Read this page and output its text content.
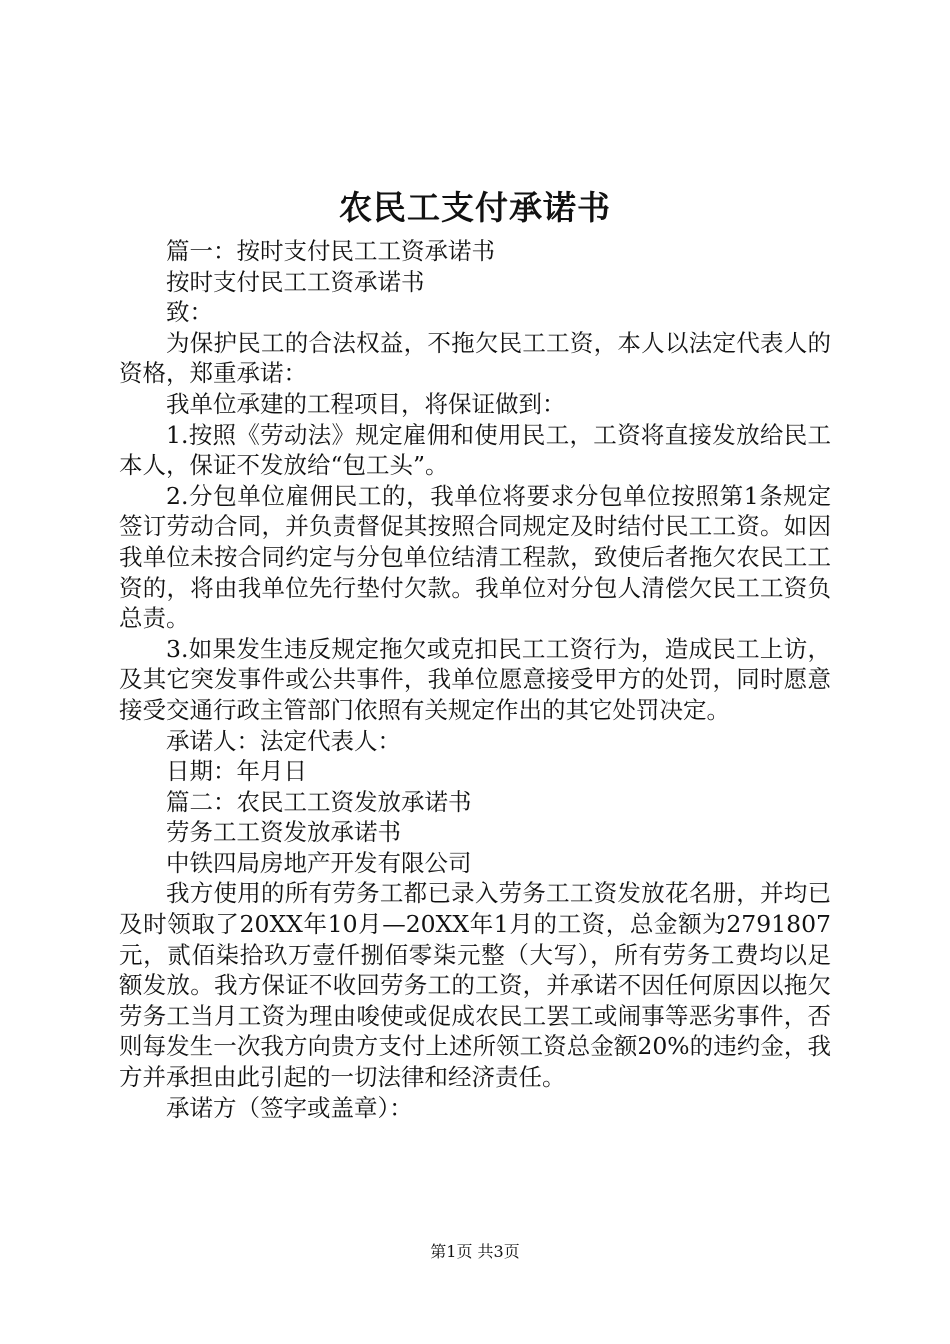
农民工支付承诺书

篇一：按时支付民工工资承诺书

按时支付民工工资承诺书

致：

为保护民工的合法权益，不拖欠民工工资，本人以法定代表人的资格，郑重承诺：

我单位承建的工程项目，将保证做到：

1.按照《劳动法》规定雇佣和使用民工，工资将直接发放给民工本人，保证不发放给“包工头”。

2.分包单位雇佣民工的，我单位将要求分包单位按照第1条规定签订劳动合同，并负责督促其按照合同规定及时结付民工工资。如因我单位未按合同约定与分包单位结清工程款，致使后者拖欠农民工工资的，将由我单位先行垫付欠款。我单位对分包人清偿欠民工工资负总责。

3.如果发生违反规定拖欠或克扣民工工资行为，造成民工上访，及其它突发事件或公共事件，我单位愿意接受甲方的处罚，同时愿意接受交通行政主管部门依照有关规定作出的其它处罚决定。

承诺人：法定代表人：

日期：年月日

篇二：农民工工资发放承诺书

劳务工工资发放承诺书

中铁四局房地产开发有限公司

我方使用的所有劳务工都已录入劳务工工资发放花名册，并均已及时领取了20XX年10月—20XX年1月的工资，总金额为2791807元，贰佰柒拾玖万壹仟捌佰零柒元整（大写），所有劳务工费均以足额发放。我方保证不收回劳务工的工资，并承诺不因任何原因以拖欠劳务工当月工资为理由唆使或促成农民工罢工或闹事等恶劣事件，否则每发生一次我方向贵方支付上述所领工资总金额20%的违约金，我方并承担由此引起的一切法律和经济责任。

承诺方（签字或盖章）：

第1页 共3页
